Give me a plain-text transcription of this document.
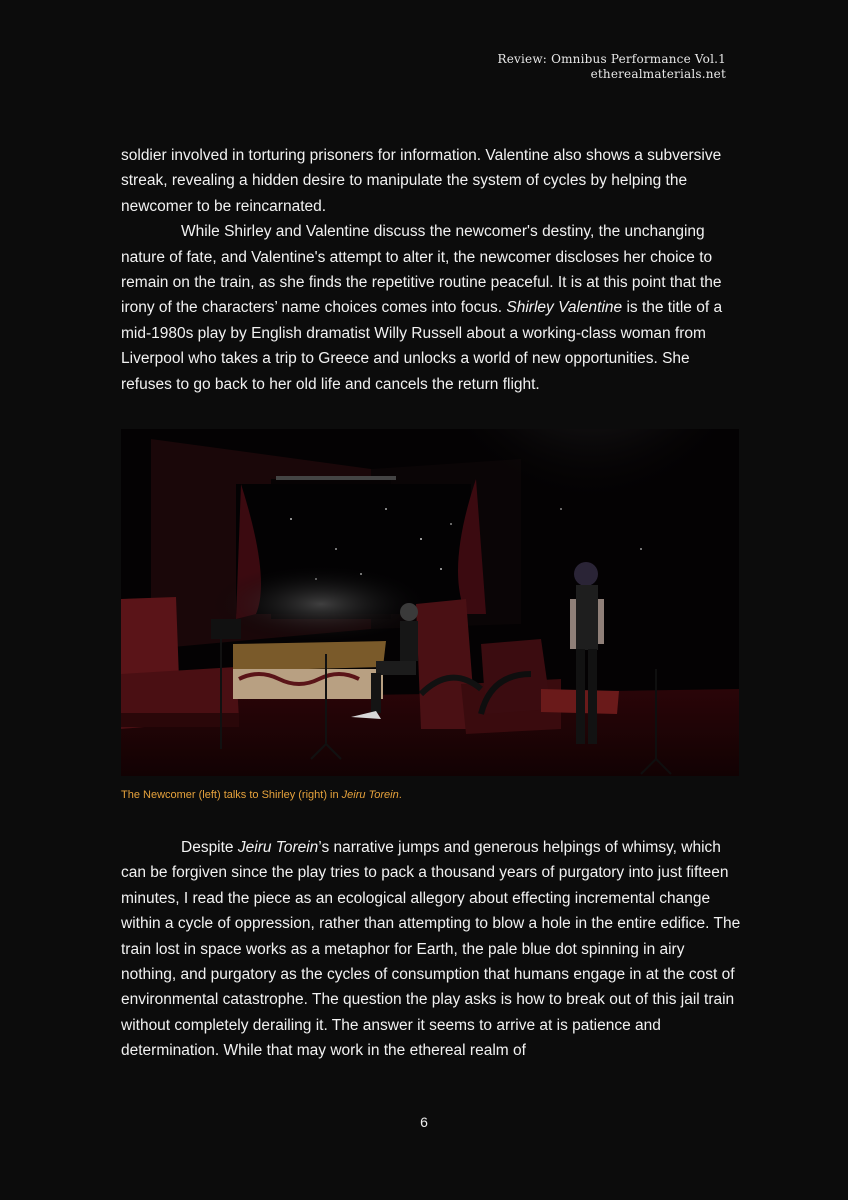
Review: Omnibus Performance Vol.1
etherealmaterials.net

soldier involved in torturing prisoners for information. Valentine also shows a subversive streak, revealing a hidden desire to manipulate the system of cycles by helping the newcomer to be reincarnated.

While Shirley and Valentine discuss the newcomer's destiny, the unchanging nature of fate, and Valentine's attempt to alter it, the newcomer discloses her choice to remain on the train, as she finds the repetitive routine peaceful. It is at this point that the irony of the characters’ name choices comes into focus. Shirley Valentine is the title of a mid-1980s play by English dramatist Willy Russell about a working-class woman from Liverpool who takes a trip to Greece and unlocks a world of new opportunities. She refuses to go back to her old life and cancels the return flight.

The Newcomer (left) talks to Shirley (right) in Jeiru Torein.

Despite Jeiru Torein’s narrative jumps and generous helpings of whimsy, which can be forgiven since the play tries to pack a thousand years of purgatory into just fifteen minutes, I read the piece as an ecological allegory about effecting incremental change within a cycle of oppression, rather than attempting to blow a hole in the entire edifice. The train lost in space works as a metaphor for Earth, the pale blue dot spinning in airy nothing, and purgatory as the cycles of consumption that humans engage in at the cost of environmental catastrophe. The question the play asks is how to break out of this jail train without completely derailing it. The answer it seems to arrive at is patience and determination. While that may work in the ethereal realm of

6
